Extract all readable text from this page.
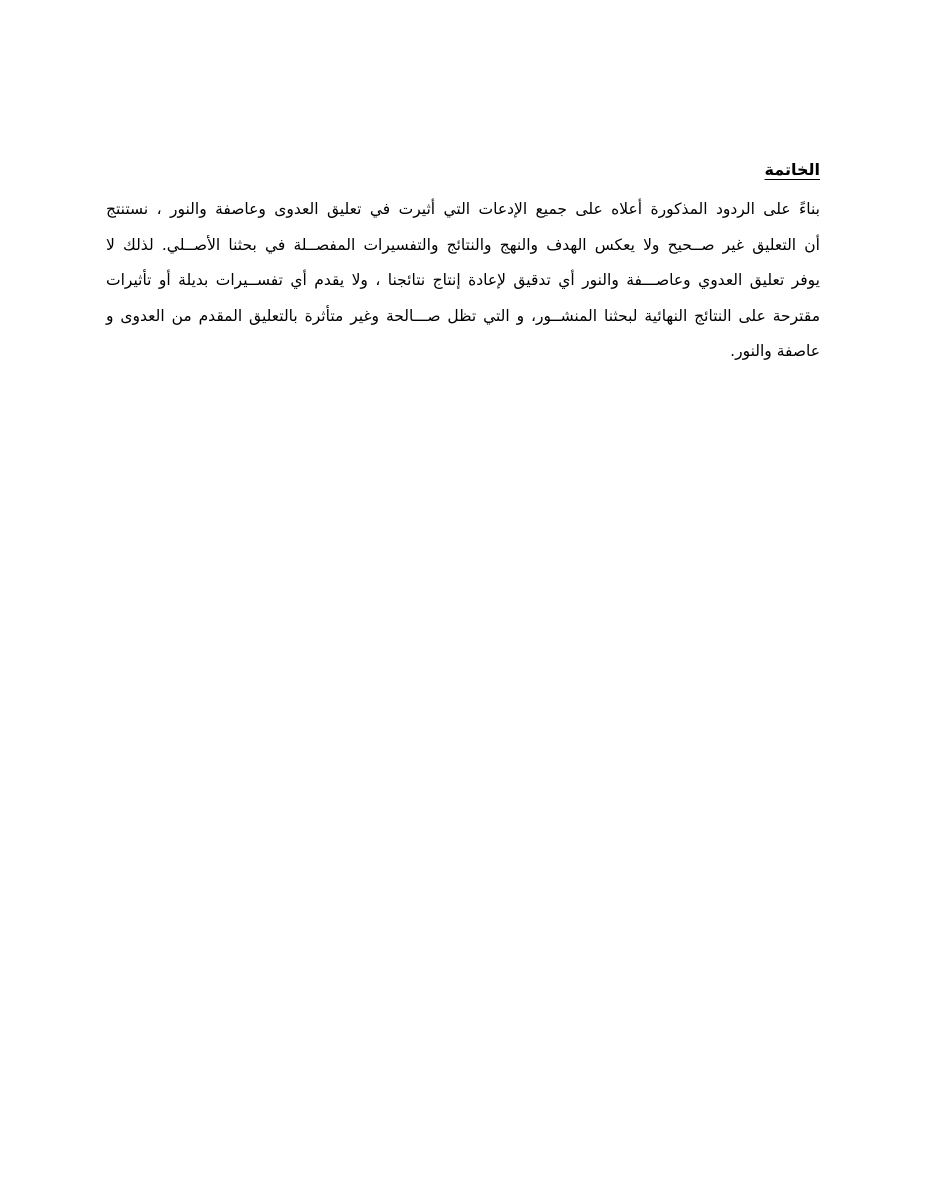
الخاتمة
بناءً على الردود المذكورة أعلاه على جميع الإدعات التي أثيرت في تعليق العدوى وعاصفة والنور ، نستنتج
أن التعليق غير صــحيح ولا يعكس الهدف والنهج والنتائج والتفسيرات المفصــلة في بحثنا الأصــلي. لذلك لا
يوفر تعليق العدوي وعاصـــفة والنور أي تدقيق لإعادة إنتاج نتائجنا ، ولا يقدم أي تفســيرات بديلة أو تأثيرات
مقترحة على النتائج النهائية لبحثنا المنشــور، و التي تظل صـــالحة وغير متأثرة بالتعليق المقدم من العدوى و
عاصفة والنور.
